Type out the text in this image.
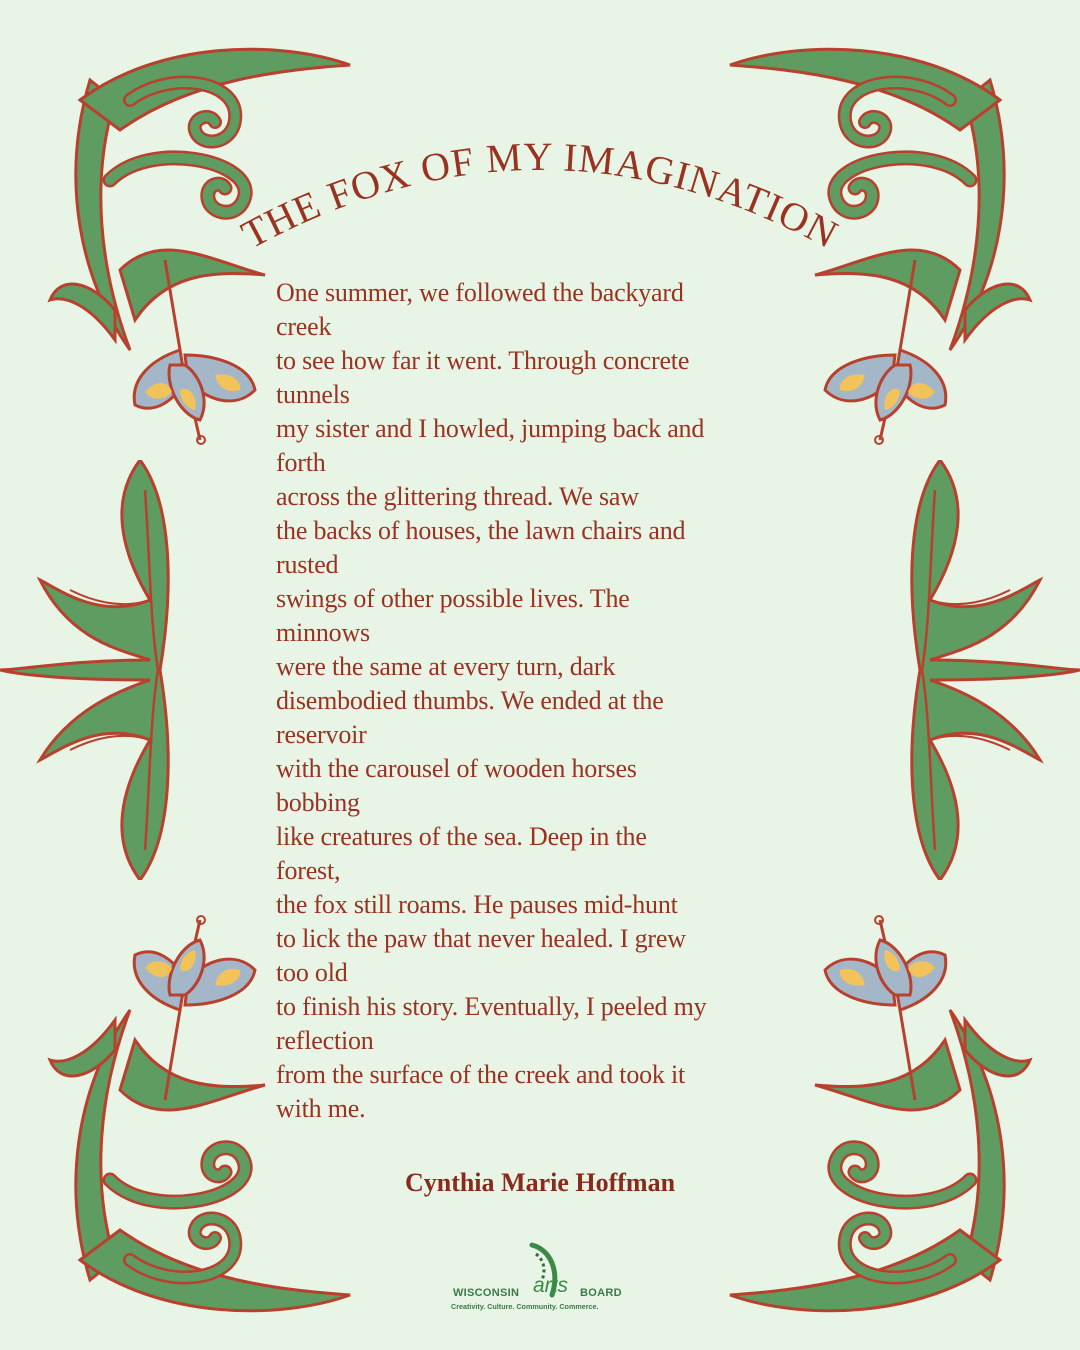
THE FOX OF MY IMAGINATION
One summer, we followed the backyard
creek
to see how far it went. Through concrete
tunnels
my sister and I howled, jumping back and
forth
across the glittering thread. We saw
the backs of houses, the lawn chairs and
rusted
swings of other possible lives. The
minnows
were the same at every turn, dark
disembodied thumbs. We ended at the
reservoir
with the carousel of wooden horses
bobbing
like creatures of the sea. Deep in the
forest,
the fox still roams. He pauses mid-hunt
to lick the paw that never healed. I grew
too old
to finish his story. Eventually, I peeled my
reflection
from the surface of the creek and took it
with me.
Cynthia Marie Hoffman
WISCONSIN arts BOARD
Creativity. Culture. Community. Commerce.
